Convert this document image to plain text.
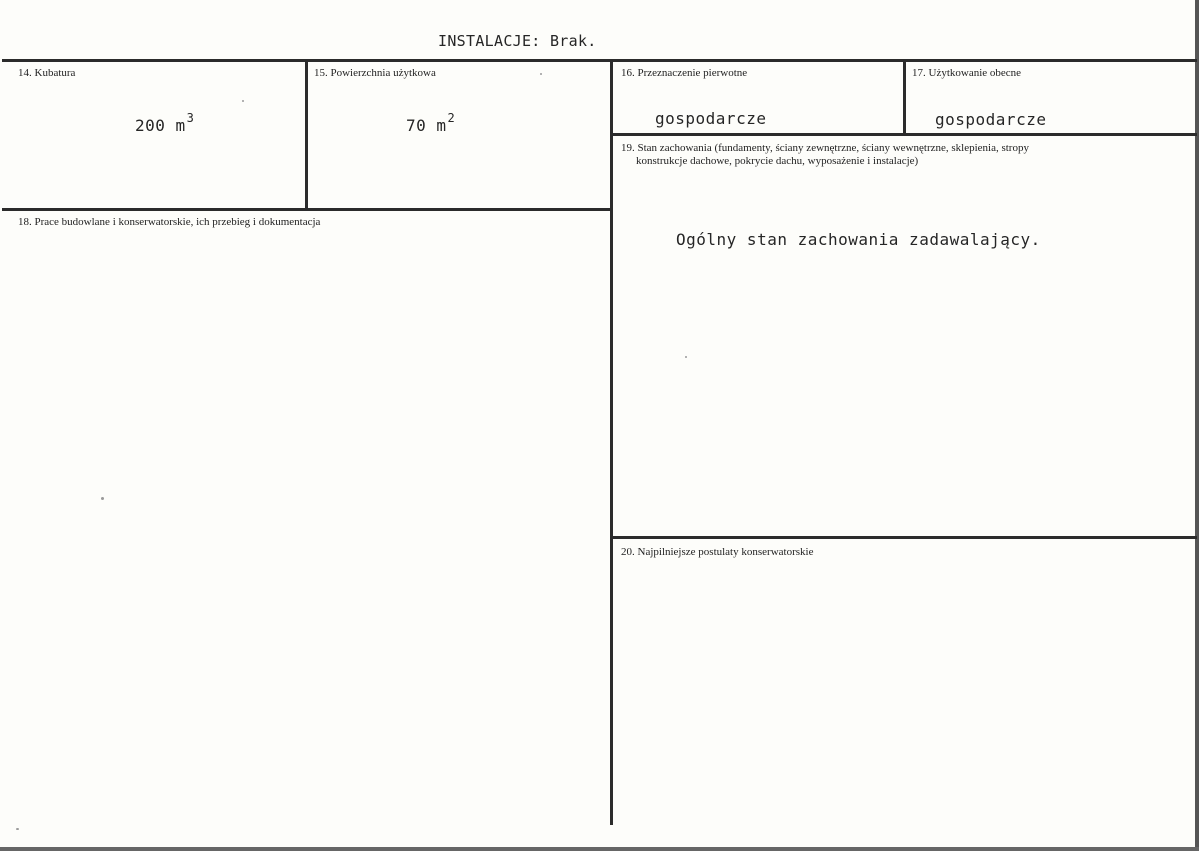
INSTALACJE: Brak.
14. Kubatura
200 $m^3$
15. Powierzchnia użytkowa
70 $m^2$
16. Przeznaczenie pierwotne
gospodarcze
17. Użytkowanie obecne
gospodarcze
18. Prace budowlane i konserwatorskie, ich przebieg i dokumentacja
19. Stan zachowania (fundamenty, ściany zewnętrzne, ściany wewnętrzne, sklepienia, stropy
konstrukcje dachowe, pokrycie dachu, wyposażenie i instalacje)
Ogólny stan zachowania zadawalający.
20. Najpilniejsze postulaty konserwatorskie
